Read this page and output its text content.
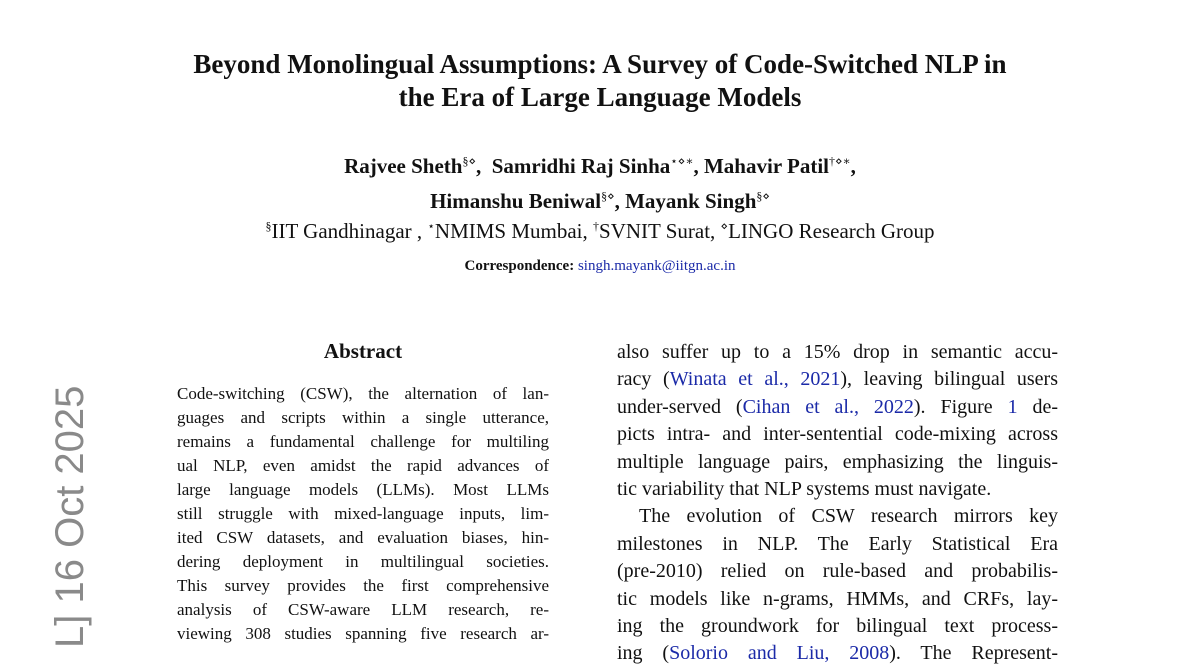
L] 16 Oct 2025
Beyond Monolingual Assumptions: A Survey of Code-Switched NLP in
the Era of Large Language Models
Rajvee Sheth§⋄,  Samridhi Raj Sinha⋆⋄∗, Mahavir Patil†⋄∗,
Himanshu Beniwal§⋄, Mayank Singh§⋄
§IIT Gandhinagar , ⋆NMIMS Mumbai, †SVNIT Surat, ⋄LINGO Research Group
Correspondence: singh.mayank@iitgn.ac.in
Abstract
Code-switching (CSW), the alternation of lan-
guages and scripts within a single utterance,
remains a fundamental challenge for multiling
ual NLP, even amidst the rapid advances of
large language models (LLMs). Most LLMs
still struggle with mixed-language inputs, lim-
ited CSW datasets, and evaluation biases, hin-
dering deployment in multilingual societies.
This survey provides the first comprehensive
analysis of CSW-aware LLM research, re-
viewing 308 studies spanning five research ar-
also suffer up to a 15% drop in semantic accu-
racy (Winata et al., 2021), leaving bilingual users
under-served (Cihan et al., 2022). Figure 1 de-
picts intra- and inter-sentential code-mixing across
multiple language pairs, emphasizing the linguis-
tic variability that NLP systems must navigate.
The evolution of CSW research mirrors key
milestones in NLP. The Early Statistical Era
(pre-2010) relied on rule-based and probabilis-
tic models like n-grams, HMMs, and CRFs, lay-
ing the groundwork for bilingual text process-
ing (Solorio and Liu, 2008). The Represent-
